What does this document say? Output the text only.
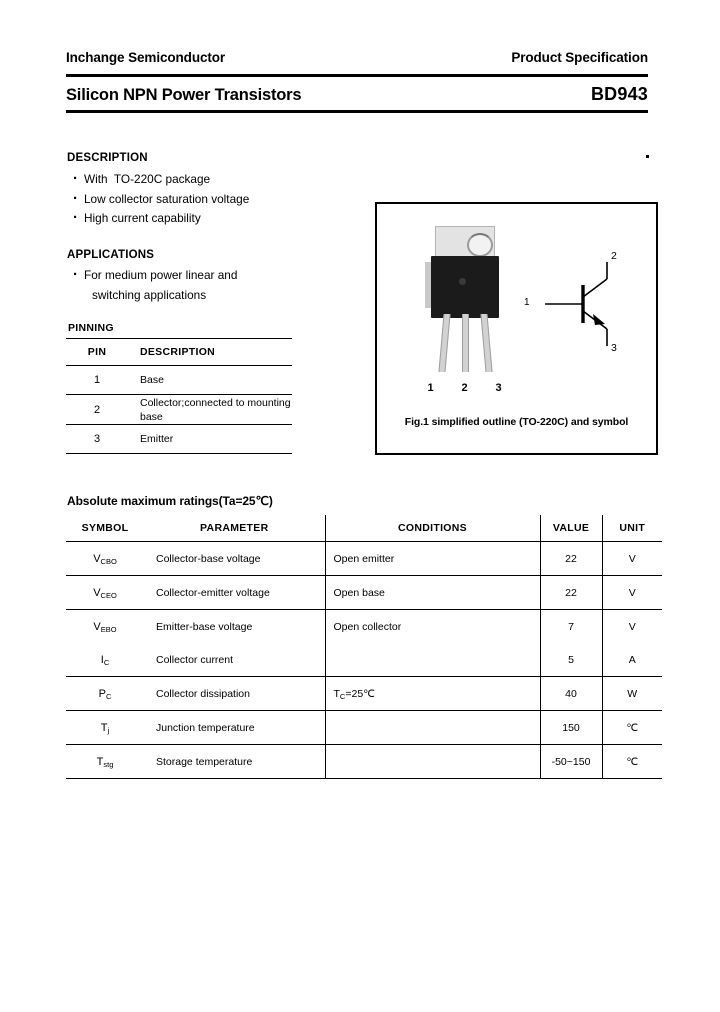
Inchange Semiconductor	Product Specification
Silicon NPN Power Transistors	BD943
DESCRIPTION
· With  TO-220C package
· Low collector saturation voltage
· High current capability
APPLICATIONS
· For medium power linear and
switching applications
PINNING
PIN	DESCRIPTION
1	Base
2	Collector;connected to mounting base
3	Emitter

1	2	3
1
2
3
Fig.1 simplified outline (TO-220C) and symbol
Absolute maximum ratings(Ta=25℃)
SYMBOL	PARAMETER	CONDITIONS	VALUE	UNIT
$V_{CBO}$	Collector-base voltage	Open emitter	22	V
$V_{CEO}$	Collector-emitter voltage	Open base	22	V
$V_{EBO}$	Emitter-base voltage	Open collector	7	V
$I_C$	Collector current		5	A
$P_C$	Collector dissipation	$T_C=25℃$	40	W
$T_j$	Junction temperature		150	℃
$T_{stg}$	Storage temperature		-50~150	℃
